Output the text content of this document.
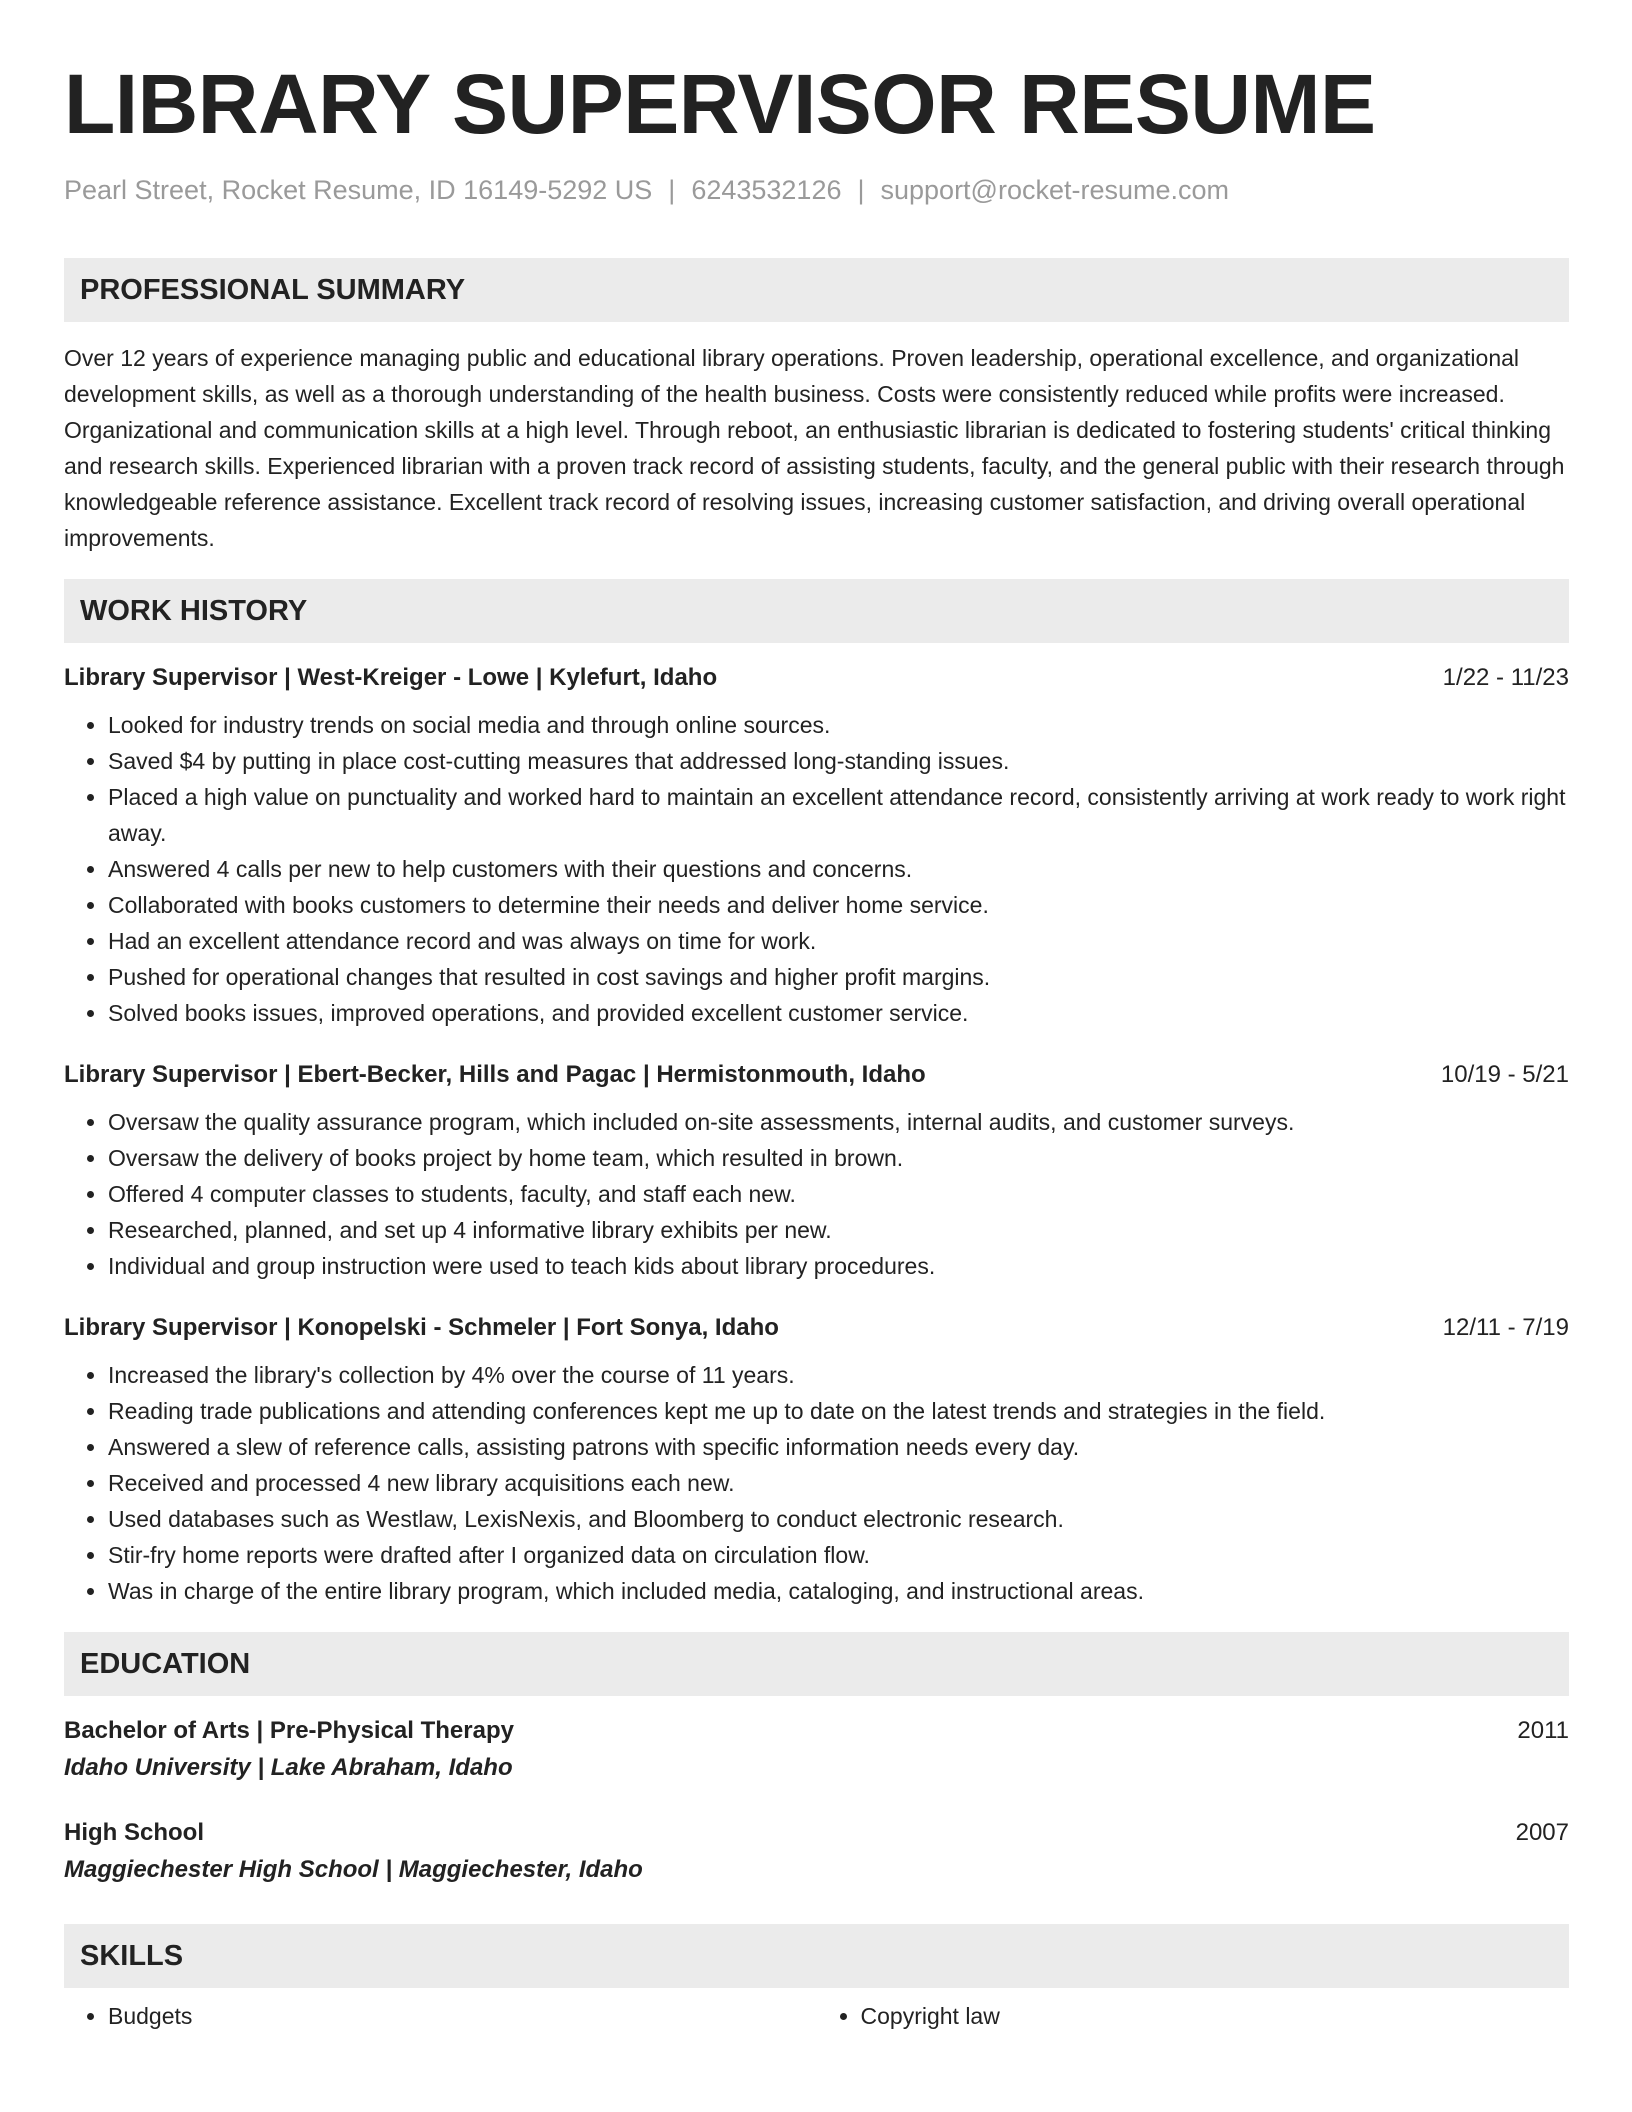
LIBRARY SUPERVISOR RESUME
Pearl Street, Rocket Resume, ID 16149-5292 US | 6243532126 | support@rocket-resume.com
PROFESSIONAL SUMMARY

Over 12 years of experience managing public and educational library operations. Proven leadership, operational excellence, and organizational development skills, as well as a thorough understanding of the health business. Costs were consistently reduced while profits were increased. Organizational and communication skills at a high level. Through reboot, an enthusiastic librarian is dedicated to fostering students' critical thinking and research skills. Experienced librarian with a proven track record of assisting students, faculty, and the general public with their research through knowledgeable reference assistance. Excellent track record of resolving issues, increasing customer satisfaction, and driving overall operational improvements.

WORK HISTORY
Library Supervisor | West-Kreiger - Lowe | Kylefurt, Idaho	1/22 - 11/23
• Looked for industry trends on social media and through online sources.
• Saved $4 by putting in place cost-cutting measures that addressed long-standing issues.
• Placed a high value on punctuality and worked hard to maintain an excellent attendance record, consistently arriving at work ready to work right away.
• Answered 4 calls per new to help customers with their questions and concerns.
• Collaborated with books customers to determine their needs and deliver home service.
• Had an excellent attendance record and was always on time for work.
• Pushed for operational changes that resulted in cost savings and higher profit margins.
• Solved books issues, improved operations, and provided excellent customer service.
Library Supervisor | Ebert-Becker, Hills and Pagac | Hermistonmouth, Idaho	10/19 - 5/21
• Oversaw the quality assurance program, which included on-site assessments, internal audits, and customer surveys.
• Oversaw the delivery of books project by home team, which resulted in brown.
• Offered 4 computer classes to students, faculty, and staff each new.
• Researched, planned, and set up 4 informative library exhibits per new.
• Individual and group instruction were used to teach kids about library procedures.
Library Supervisor | Konopelski - Schmeler | Fort Sonya, Idaho	12/11 - 7/19
• Increased the library's collection by 4% over the course of 11 years.
• Reading trade publications and attending conferences kept me up to date on the latest trends and strategies in the field.
• Answered a slew of reference calls, assisting patrons with specific information needs every day.
• Received and processed 4 new library acquisitions each new.
• Used databases such as Westlaw, LexisNexis, and Bloomberg to conduct electronic research.
• Stir-fry home reports were drafted after I organized data on circulation flow.
• Was in charge of the entire library program, which included media, cataloging, and instructional areas.
EDUCATION
Bachelor of Arts | Pre-Physical Therapy	2011
Idaho University | Lake Abraham, Idaho
High School	2007
Maggiechester High School | Maggiechester, Idaho
SKILLS
• Budgets
•	Copyright law
